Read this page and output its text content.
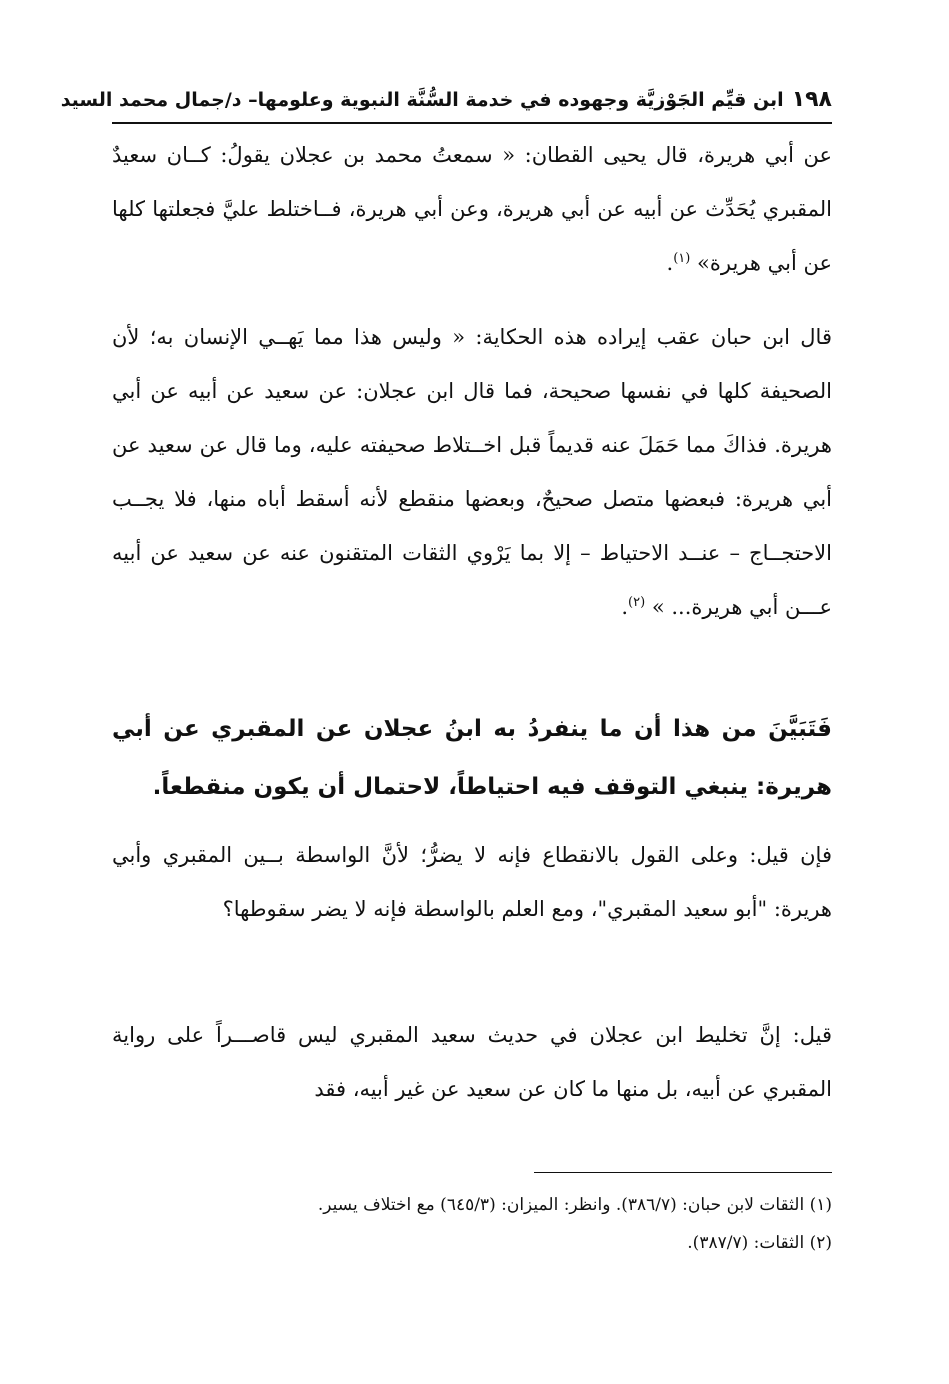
١٩٨ابن قيِّم الجَوْزيَّة وجهوده في خدمة السُّنَّة النبوية وعلومها– د/جمال محمد السيد

عن أبي هريرة، قال يحيى القطان: « سمعتُ محمد بن عجلان يقولُ: كــان سعيدٌ المقبري يُحَدِّث عن أبيه عن أبي هريرة، وعن أبي هريرة، فــاختلط عليَّ فجعلتها كلها عن أبي هريرة» $^{(١)}$.

قال ابن حبان عقب إيراده هذه الحكاية: « وليس هذا مما يَهــي الإنسان به؛ لأن الصحيفة كلها في نفسها صحيحة، فما قال ابن عجلان: عن سعيد عن أبيه عن أبي هريرة. فذاكَ مما حَمَلَ عنه قديماً قبل اخــتلاط صحيفته عليه، وما قال عن سعيد عن أبي هريرة: فبعضها متصل صحيحٌ، وبعضها منقطع لأنه أسقط أباه منها، فلا يجــب الاحتجــاج – عنــد الاحتياط – إلا بما يَرْوي الثقات المتقنون عنه عن سعيد عن أبيه عـــن أبي هريرة... » $^{(٢)}$.

فَتَبَيَّنَ من هذا أن ما ينفردُ به ابنُ عجلان عن المقبري عن أبي هريرة: ينبغي التوقف فيه احتياطاً، لاحتمال أن يكون منقطعاً.

فإن قيل: وعلى القول بالانقطاع فإنه لا يضرُّ؛ لأنَّ الواسطة بــين المقبري وأبي هريرة: "أبو سعيد المقبري"، ومع العلم بالواسطة فإنه لا يضر سقوطها؟

قيل: إنَّ تخليط ابن عجلان في حديث سعيد المقبري ليس قاصـــراً على رواية المقبري عن أبيه، بل منها ما كان عن سعيد عن غير أبيه، فقد

(١) الثقات لابن حبان: (٣٨٦/٧). وانظر: الميزان: (٦٤٥/٣) مع اختلاف يسير.

(٢) الثقات: (٣٨٧/٧).
